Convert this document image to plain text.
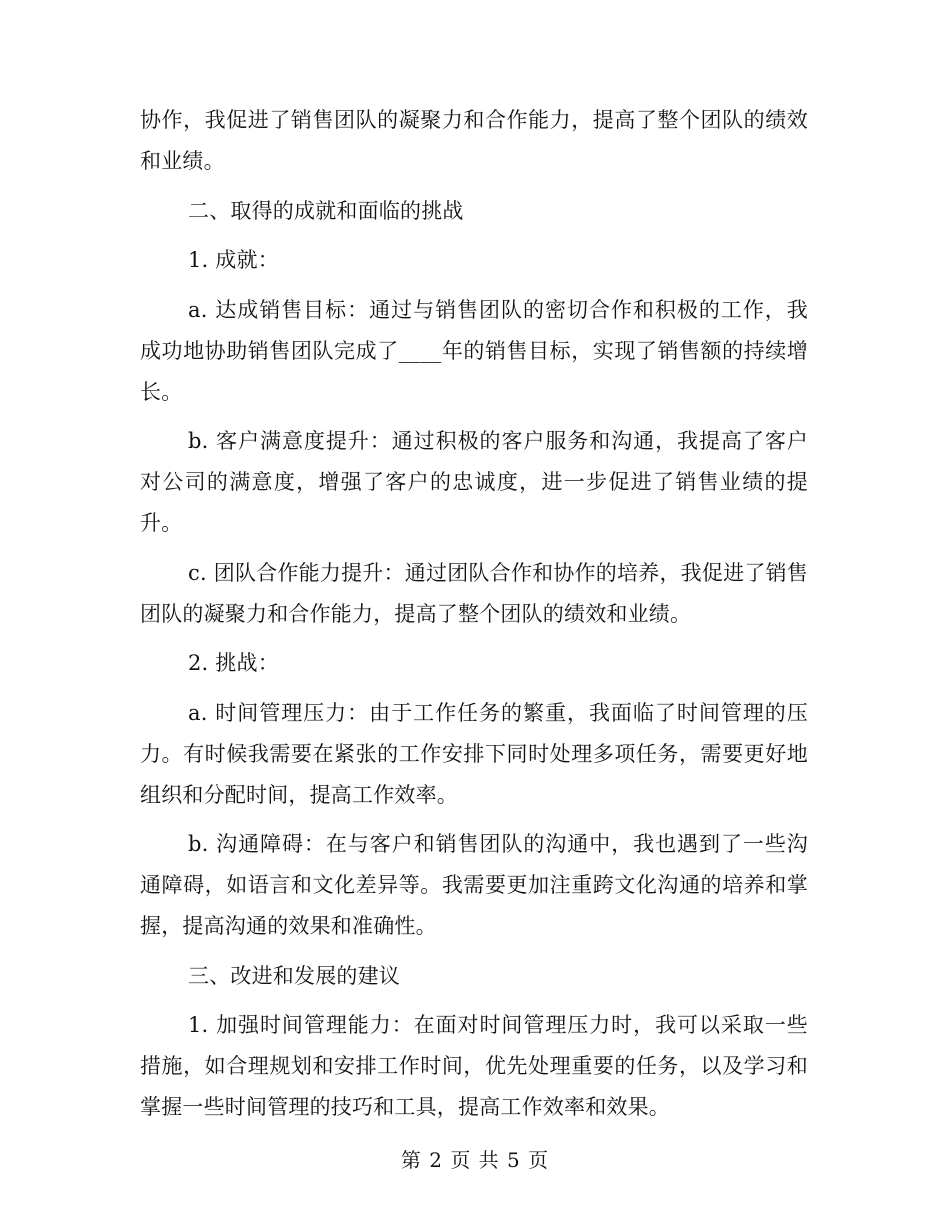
协作，我促进了销售团队的凝聚力和合作能力，提高了整个团队的绩效和业绩。

二、取得的成就和面临的挑战

1. 成就：

a. 达成销售目标：通过与销售团队的密切合作和积极的工作，我成功地协助销售团队完成了____年的销售目标，实现了销售额的持续增长。

b. 客户满意度提升：通过积极的客户服务和沟通，我提高了客户对公司的满意度，增强了客户的忠诚度，进一步促进了销售业绩的提升。

c. 团队合作能力提升：通过团队合作和协作的培养，我促进了销售团队的凝聚力和合作能力，提高了整个团队的绩效和业绩。

2. 挑战：

a. 时间管理压力：由于工作任务的繁重，我面临了时间管理的压力。有时候我需要在紧张的工作安排下同时处理多项任务，需要更好地组织和分配时间，提高工作效率。

b. 沟通障碍：在与客户和销售团队的沟通中，我也遇到了一些沟通障碍，如语言和文化差异等。我需要更加注重跨文化沟通的培养和掌握，提高沟通的效果和准确性。

三、改进和发展的建议

1. 加强时间管理能力：在面对时间管理压力时，我可以采取一些措施，如合理规划和安排工作时间，优先处理重要的任务，以及学习和掌握一些时间管理的技巧和工具，提高工作效率和效果。

第 2 页 共 5 页
